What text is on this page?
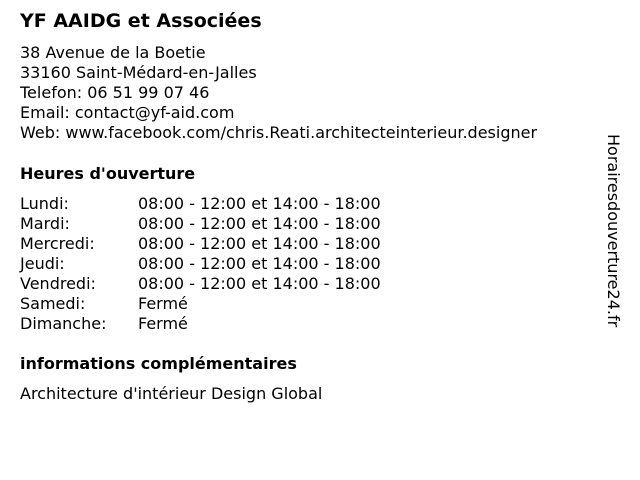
YF AAIDG et Associées
38 Avenue de la Boetie
33160 Saint-Médard-en-Jalles
Telefon: 06 51 99 07 46
Email: contact@yf-aid.com
Web: www.facebook.com/chris.Reati.architecteinterieur.designer
Heures d'ouverture
Lundi:	08:00 - 12:00 et 14:00 - 18:00
Mardi:	08:00 - 12:00 et 14:00 - 18:00
Mercredi:	08:00 - 12:00 et 14:00 - 18:00
Jeudi:	08:00 - 12:00 et 14:00 - 18:00
Vendredi:	08:00 - 12:00 et 14:00 - 18:00
Samedi:	Fermé
Dimanche:	Fermé
informations complémentaires
Architecture d'intérieur Design Global
Horairesdouverture24.fr
